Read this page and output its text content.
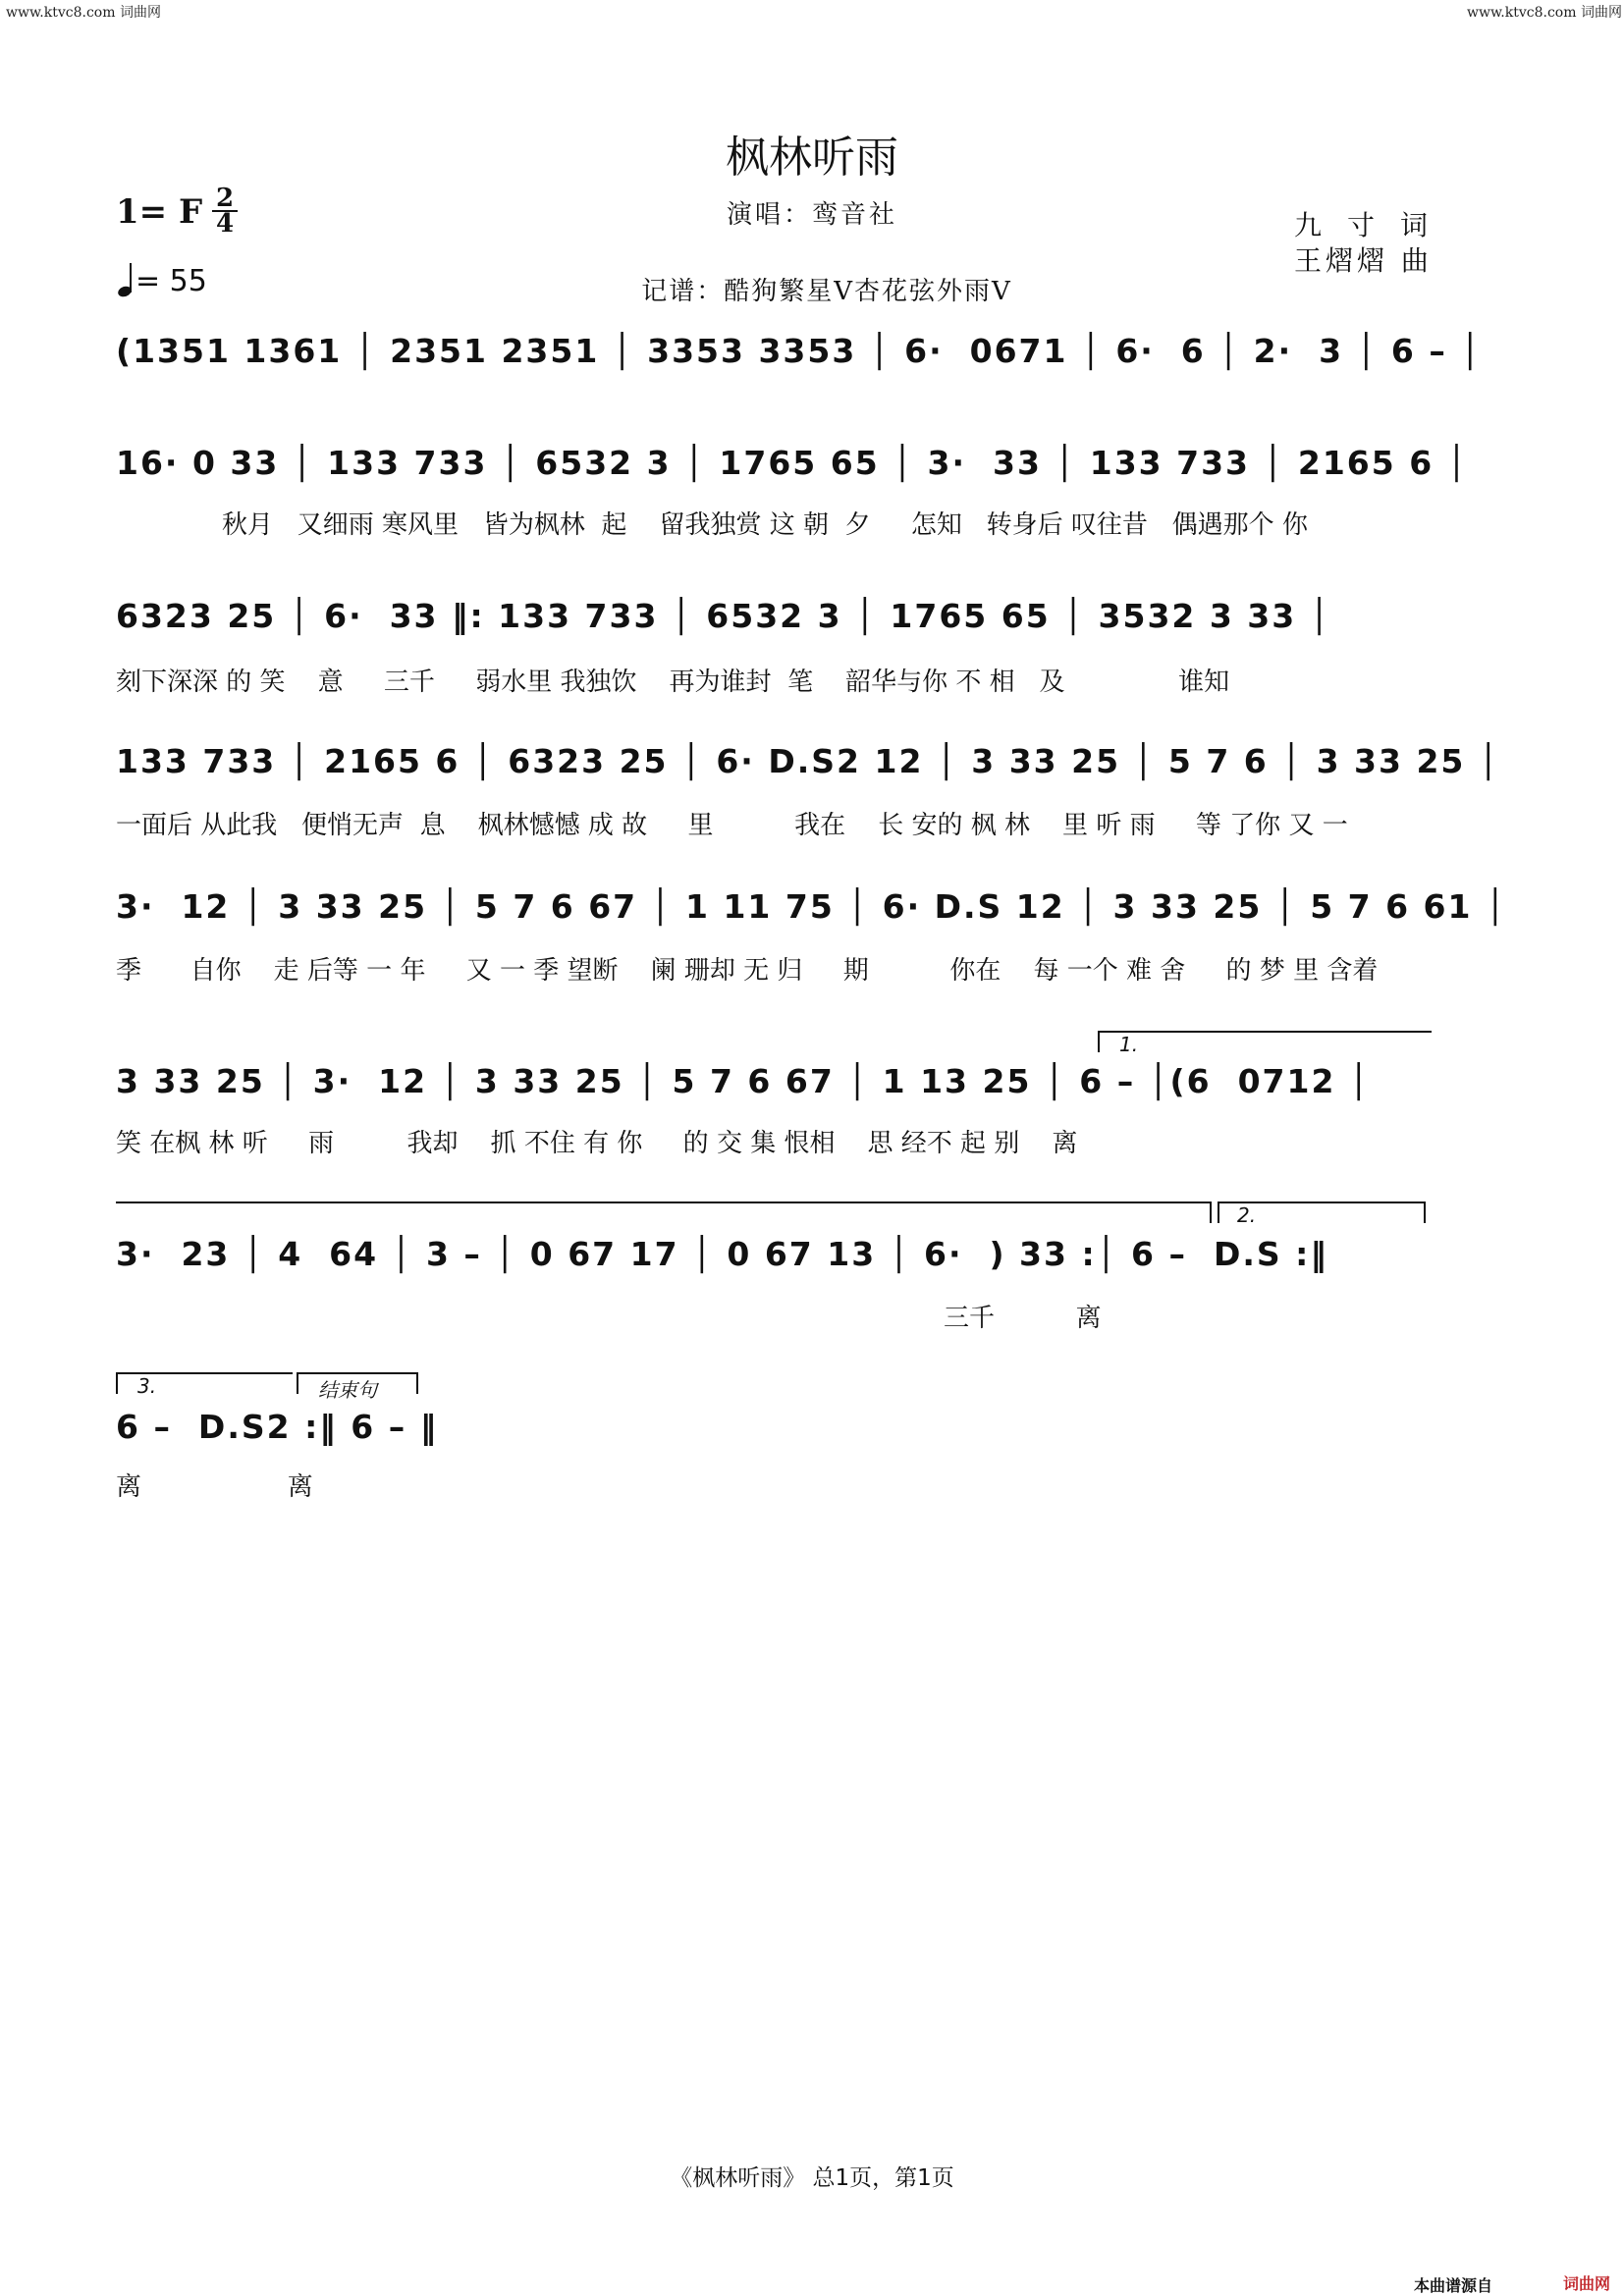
www.ktvc8.com 词曲网	www.ktvc8.com 词曲网
枫林听雨
演唱：鸾音社
1= F 2
4
= 55
九寸词
王熠熠 曲
记谱：酷狗繁星V杏花弦外雨V
(1351 1361 │ 2351 2351 │ 3353 3353 │ 6·  0671 │ 6·  6 │ 2·  3 │ 6 – │
16· 0 33 │ 133 733 │ 6532 3 │ 1765 65 │ 3·  33 │ 133 733 │ 2165 6 │
秋月   又细雨 寒风里   皆为枫林  起    留我独赏 这 朝  夕     怎知   转身后 叹往昔   偶遇那个 你
6323 25 │ 6·  33 ‖: 133 733 │ 6532 3 │ 1765 65 │ 3532 3 33 │
刻下深深 的 笑    意     三千     弱水里 我独饮    再为谁封  笔    韶华与你 不 相   及              谁知
133 733 │ 2165 6 │ 6323 25 │ 6· D.S2 12 │ 3 33 25 │ 5 7 6 │ 3 33 25 │
一面后 从此我   便悄无声  息    枫林憾憾 成 故     里          我在    长 安的 枫 林    里 听 雨     等 了你 又 一
3·  12 │ 3 33 25 │ 5 7 6 67 │ 1 11 75 │ 6· D.S 12 │ 3 33 25 │ 5 7 6 61 │
季      自你    走 后等 一 年     又 一 季 望断    阑 珊却 无 归     期          你在    每 一个 难 舍     的 梦 里 含着
1.
3 33 25 │ 3·  12 │ 3 33 25 │ 5 7 6 67 │ 1 13 25 │ 6 – │(6  0712 │
笑 在枫 林 听     雨         我却    抓 不住 有 你     的 交 集 恨相    思 经不 起 别    离
2.
3·  23 │ 4  64 │ 3 – │ 0 67 17 │ 0 67 13 │ 6·  ) 33 :│ 6 –  D.S :‖
三千          离
3.	结束句
6 –  D.S2 :‖ 6 – ‖
离                  离
《枫林听雨》 总1页，第1页
本曲谱源自	词曲网
